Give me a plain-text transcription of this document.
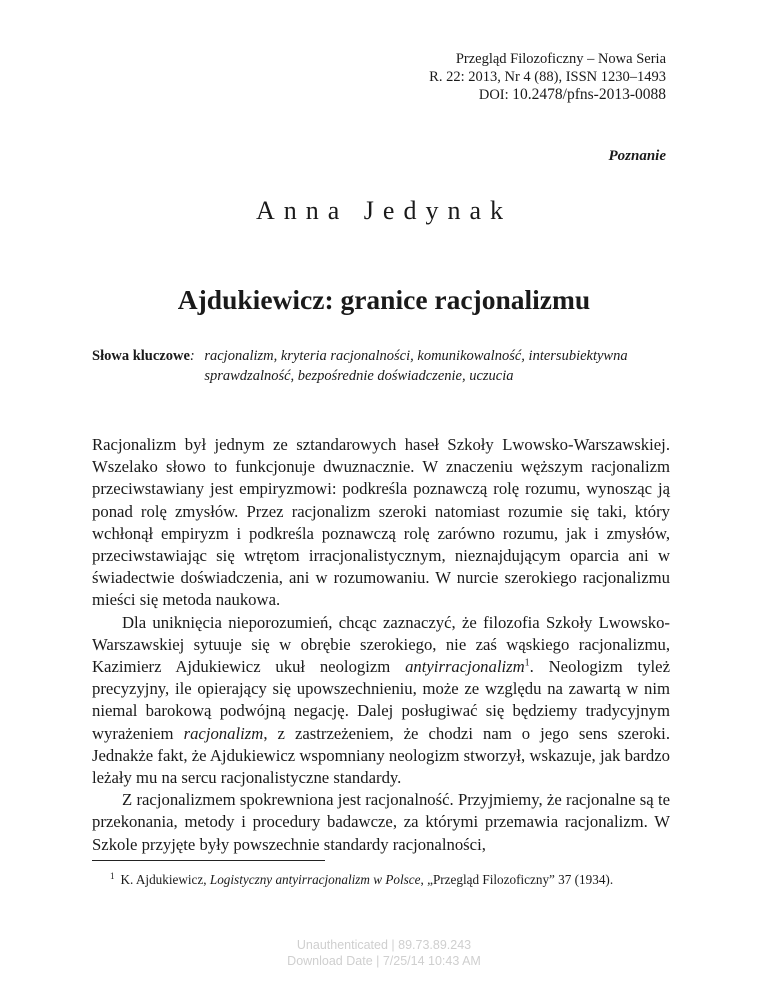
Przegląd Filozoficzny – Nowa Seria
R. 22: 2013, Nr 4 (88), ISSN 1230–1493
DOI: 10.2478/pfns-2013-0088
Poznanie
Anna Jedynak
Ajdukiewicz: granice racjonalizmu
Słowa kluczowe : racjonalizm, kryteria racjonalności, komunikowalność, intersubiektywna sprawdzalność, bezpośrednie doświadczenie, uczucia

Racjonalizm był jednym ze sztandarowych haseł Szkoły Lwowsko-Warszawskiej. Wszelako słowo to funkcjonuje dwuznacznie. W znaczeniu węższym racjonalizm przeciwstawiany jest empiryzmowi: podkreśla poznawczą rolę rozumu, wynosząc ją ponad rolę zmysłów. Przez racjonalizm szeroki natomiast rozumie się taki, który wchłonął empiryzm i podkreśla poznawczą rolę zarówno rozumu, jak i zmysłów, przeciwstawiając się wtrętom irracjonalistycznym, nieznajdującym oparcia ani w świadectwie doświadczenia, ani w rozumowaniu. W nurcie szerokiego racjonalizmu mieści się metoda naukowa.

Dla uniknięcia nieporozumień, chcąc zaznaczyć, że filozofia Szkoły Lwowsko-Warszawskiej sytuuje się w obrębie szerokiego, nie zaś wąskiego racjonalizmu, Kazimierz Ajdukiewicz ukuł neologizm antyirracjonalizm$^1$. Neologizm tyleż precyzyjny, ile opierający się upowszechnieniu, może ze względu na zawartą w nim niemal barokową podwójną negację. Dalej posługiwać się będziemy tradycyjnym wyrażeniem racjonalizm, z zastrzeżeniem, że chodzi nam o jego sens szeroki. Jednakże fakt, że Ajdukiewicz wspomniany neologizm stworzył, wskazuje, jak bardzo leżały mu na sercu racjonalistyczne standardy.

Z racjonalizmem spokrewniona jest racjonalność. Przyjmiemy, że racjonalne są te przekonania, metody i procedury badawcze, za którymi przemawia racjonalizm. W Szkole przyjęte były powszechnie standardy racjonalności,

$^1$ K. Ajdukiewicz, Logistyczny antyirracjonalizm w Polsce, „Przegląd Filozoficzny” 37 (1934).
Unauthenticated | 89.73.89.243
Download Date | 7/25/14 10:43 AM
